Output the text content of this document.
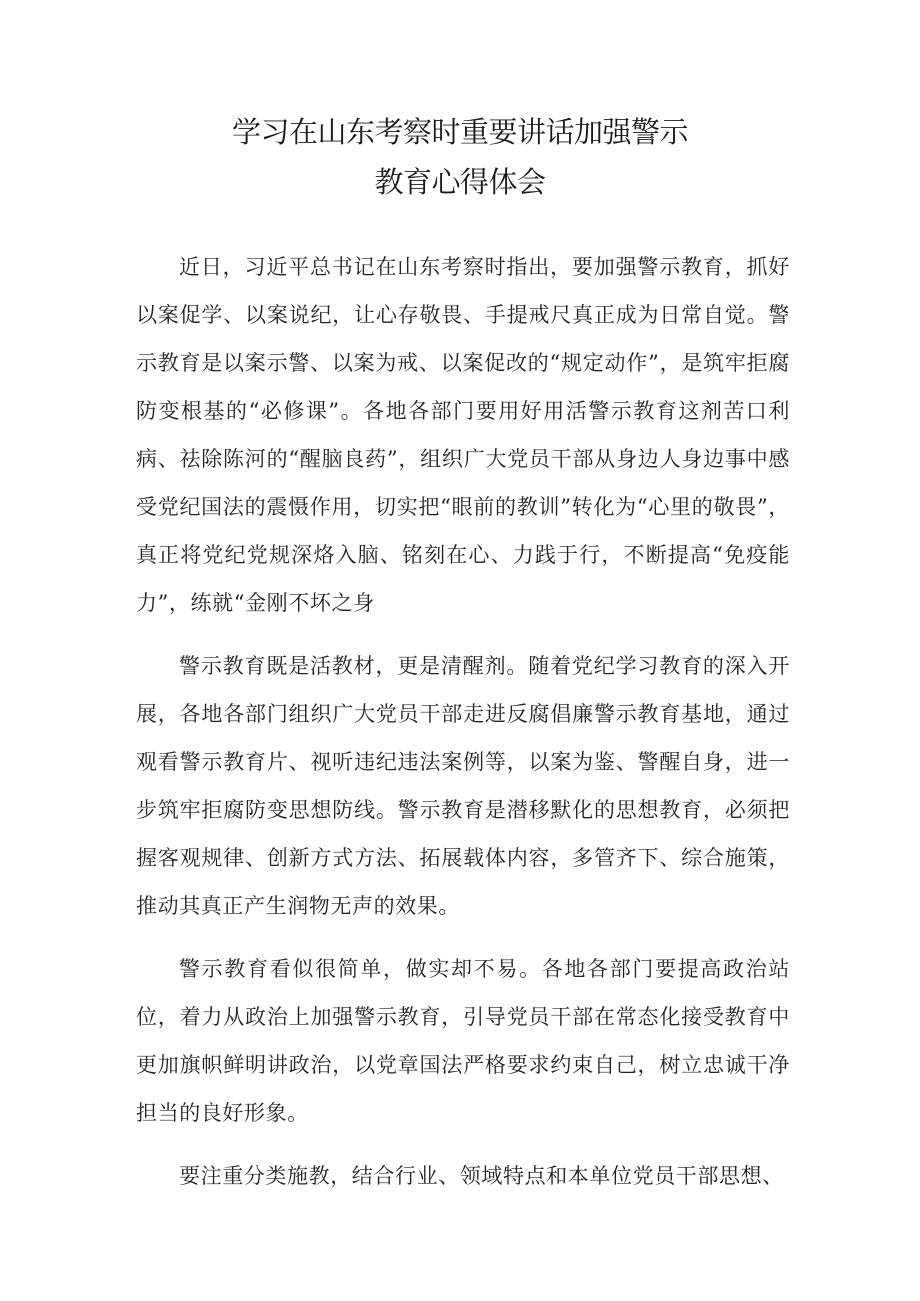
学习在山东考察时重要讲话加强警示
教育心得体会

近日，习近平总书记在山东考察时指出，要加强警示教育，抓好以案促学、以案说纪，让心存敬畏、手提戒尺真正成为日常自觉。警示教育是以案示警、以案为戒、以案促改的“规定动作”，是筑牢拒腐防变根基的“必修课”。各地各部门要用好用活警示教育这剂苦口利病、祛除陈河的“醒脑良药”，组织广大党员干部从身边人身边事中感受党纪国法的震慑作用，切实把“眼前的教训”转化为“心里的敬畏”，真正将党纪党规深烙入脑、铭刻在心、力践于行，不断提高“免疫能力”，练就“金刚不坏之身

警示教育既是活教材，更是清醒剂。随着党纪学习教育的深入开展，各地各部门组织广大党员干部走进反腐倡廉警示教育基地，通过观看警示教育片、视听违纪违法案例等，以案为鉴、警醒自身，进一步筑牢拒腐防变思想防线。警示教育是潜移默化的思想教育，必须把握客观规律、创新方式方法、拓展载体内容，多管齐下、综合施策，推动其真正产生润物无声的效果。

警示教育看似很简单，做实却不易。各地各部门要提高政治站位，着力从政治上加强警示教育，引导党员干部在常态化接受教育中更加旗帜鲜明讲政治，以党章国法严格要求约束自己，树立忠诚干净担当的良好形象。

要注重分类施教，结合行业、领域特点和本单位党员干部思想、
